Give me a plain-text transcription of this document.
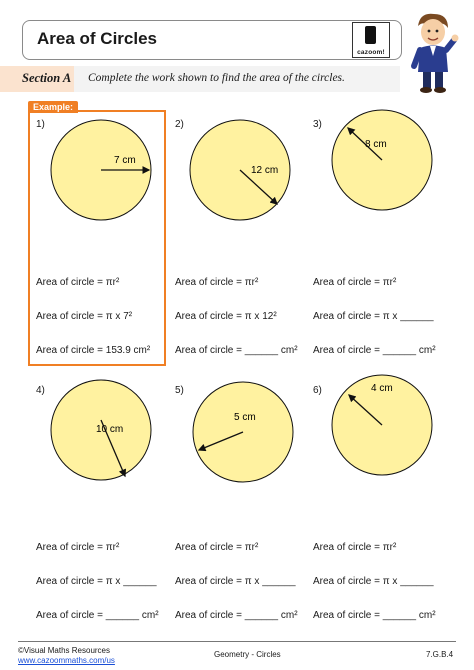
Area of Circles
cazoom!
Section A Complete the work shown to find the area of the circles.
Example:
1)	2)	3)
4)	5)	6)
7 cm
12 cm
8 cm
10 cm
5 cm
4 cm
Area of circle = πr²
Area of circle = π x 7²
Area of circle = 153.9 cm²
Area of circle = πr²
Area of circle = π x 12²
Area of circle = ______ cm²
Area of circle = πr²
Area of circle = π x ______
Area of circle = ______ cm²
Area of circle = πr²
Area of circle = π x ______
Area of circle = ______ cm²
Area of circle = πr²
Area of circle = π x ______
Area of circle = ______ cm²
Area of circle = πr²
Area of circle = π x ______
Area of circle = ______ cm²
©Visual Maths Resources
www.cazoommaths.com/us
Geometry - Circles	7.G.B.4
